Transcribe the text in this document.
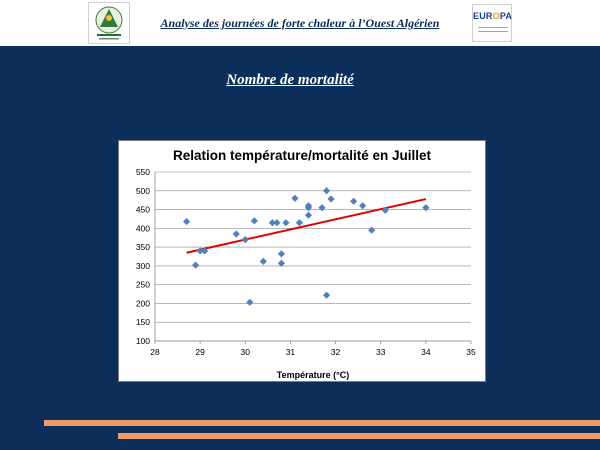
Analyse des journées de forte chaleur à l’Ouest Algérien	EUROPA
Nombre de mortalité
Relation température/mortalité en Juillet
100
150
200
250
300
350
400
450
500
550
28	29	30	31	32	33	34	35
Température (°C)
